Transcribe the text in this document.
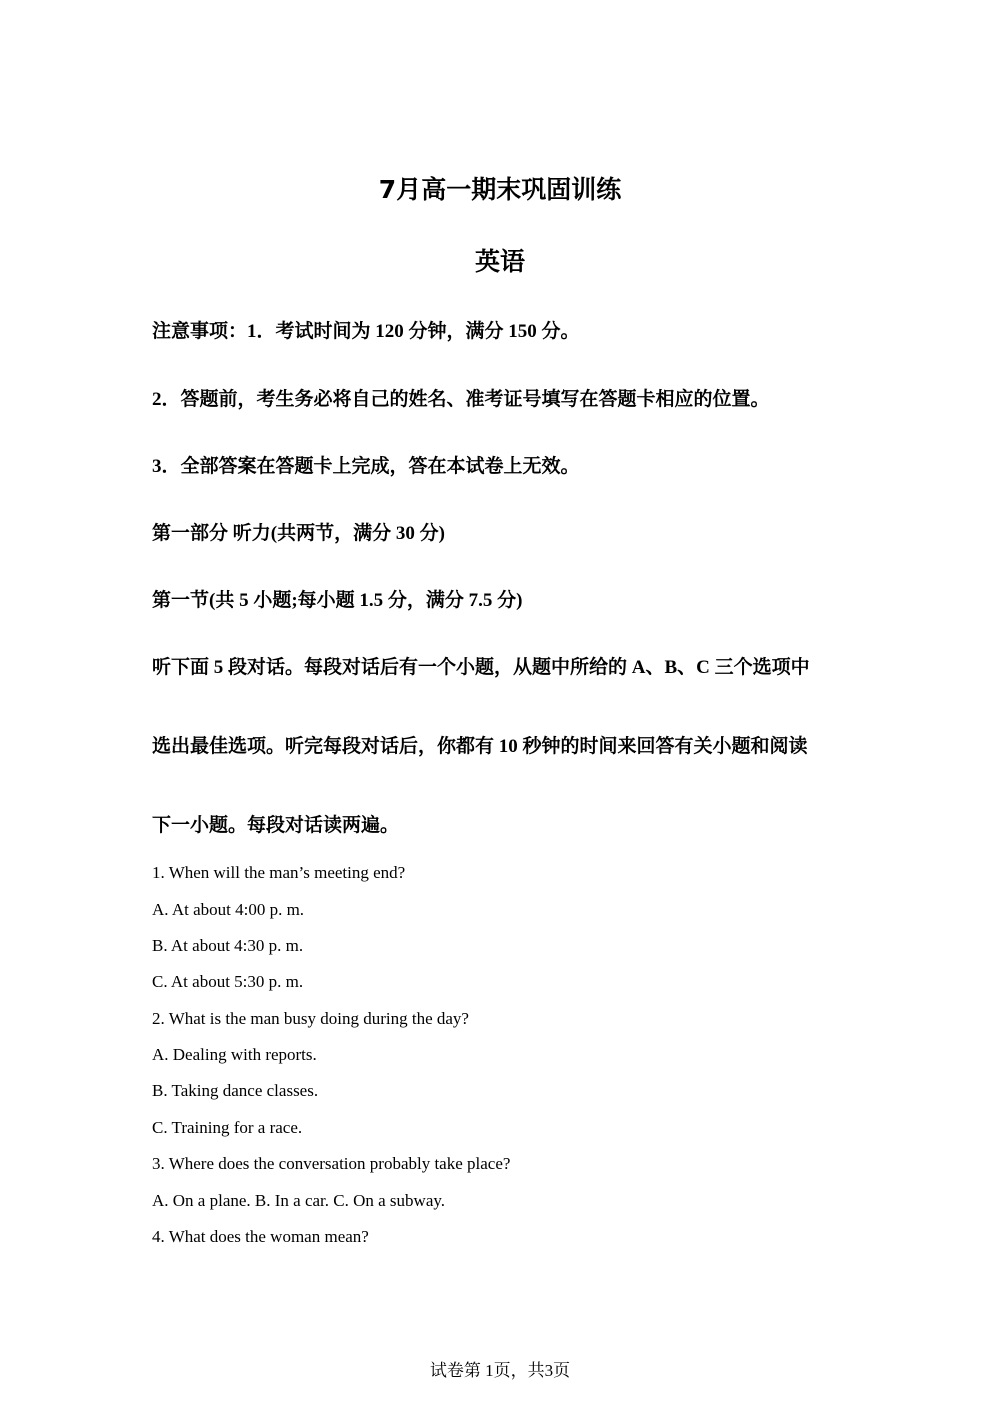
7月高一期末巩固训练
英语

注意事项：1．考试时间为 120 分钟，满分 150 分。

2．答题前，考生务必将自己的姓名、准考证号填写在答题卡相应的位置。

3．全部答案在答题卡上完成，答在本试卷上无效。

第一部分 听力(共两节，满分 30 分)

第一节(共 5 小题;每小题 1.5 分，满分 7.5 分)

听下面 5 段对话。每段对话后有一个小题，从题中所给的 A、B、C 三个选项中

选出最佳选项。听完每段对话后，你都有 10 秒钟的时间来回答有关小题和阅读

下一小题。每段对话读两遍。

1. When will the man’s meeting end?

A. At about 4:00 p. m.

B. At about 4:30 p. m.

C. At about 5:30 p. m.

2. What is the man busy doing during the day?

A. Dealing with reports.

B. Taking dance classes.

C. Training for a race.

3. Where does the conversation probably take place?

A. On a plane. B. In a car. C. On a subway.

4. What does the woman mean?

试卷第 1页，共3页
